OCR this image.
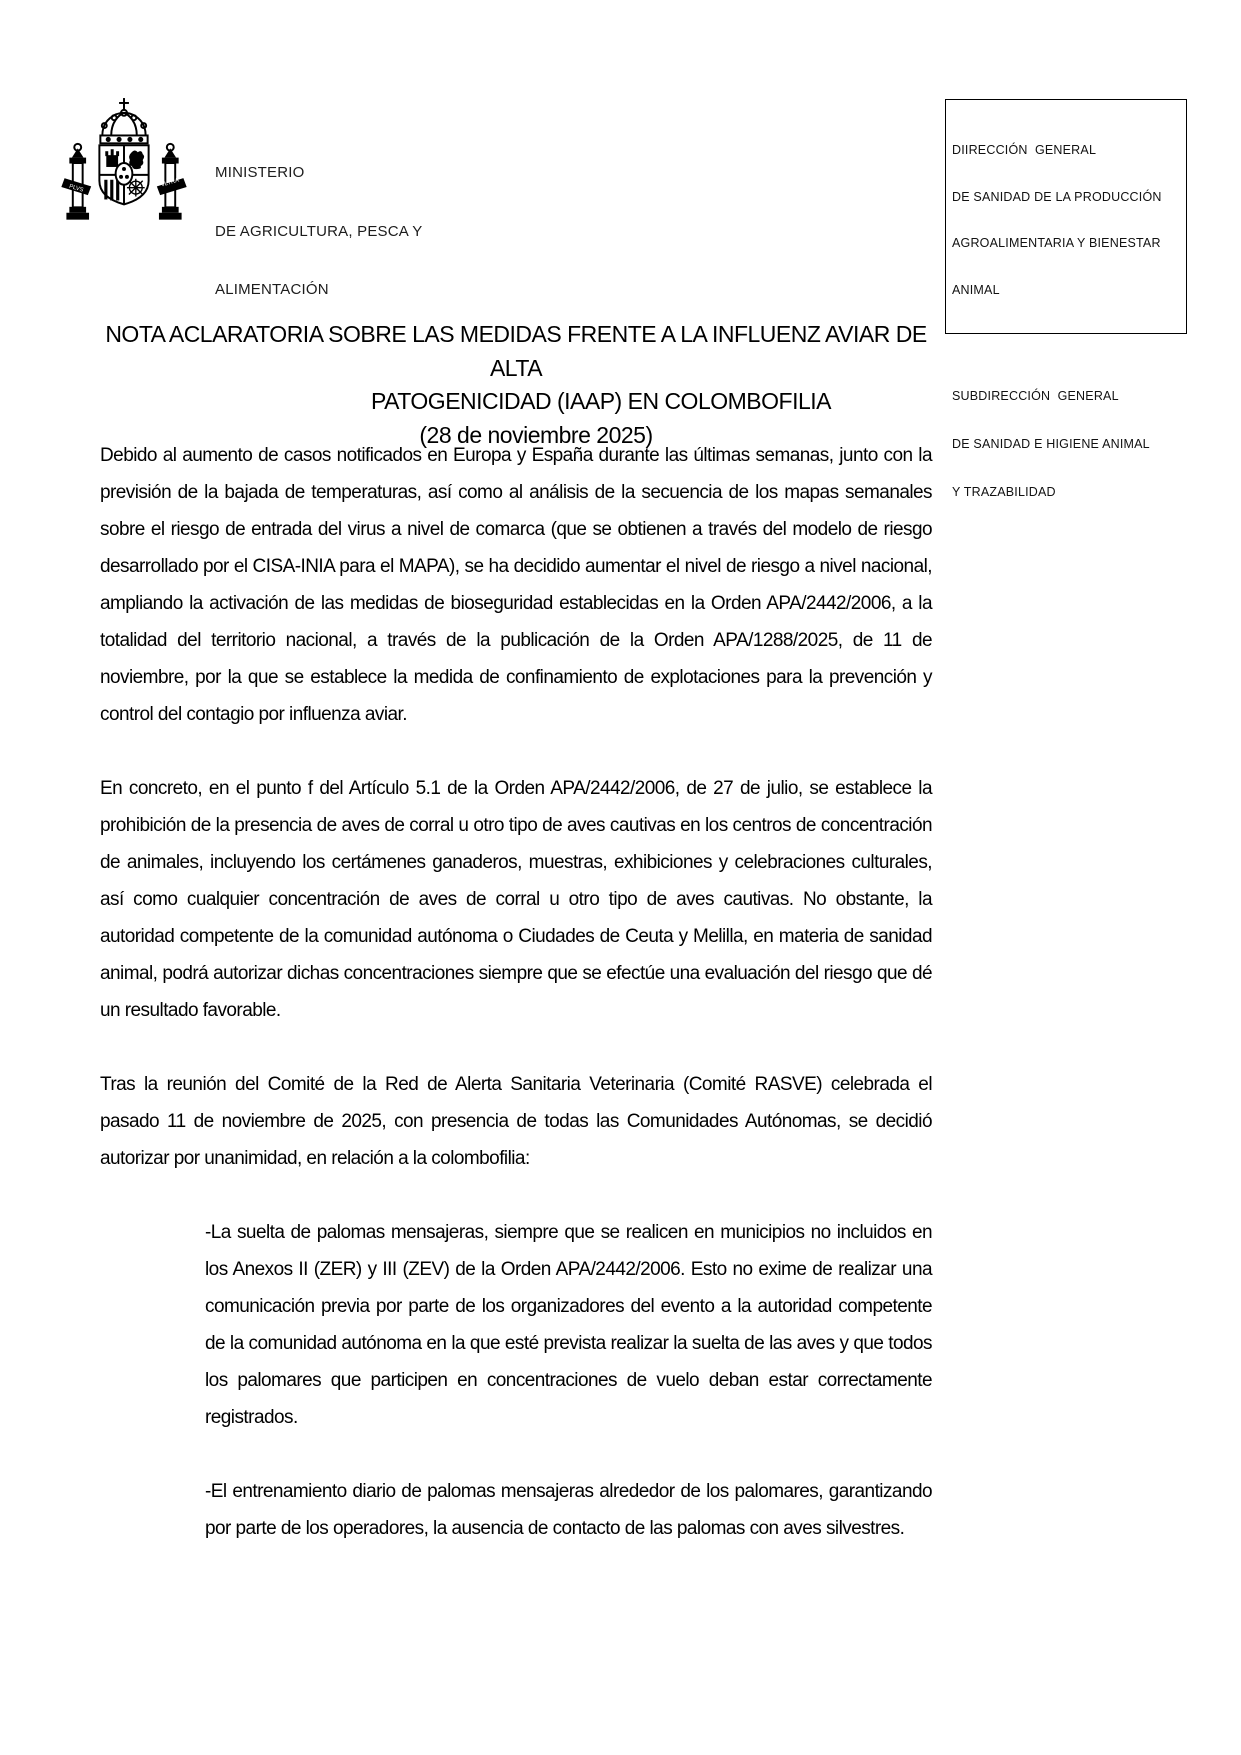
PLVS
VLTRA

MINISTERIO

DE AGRICULTURA, PESCA Y

ALIMENTACIÓN

DIIRECCIÓN  GENERAL

DE SANIDAD DE LA PRODUCCIÓN

AGROALIMENTARIA Y BIENESTAR

ANIMAL

SUBDIRECCIÓN  GENERAL

DE SANIDAD E HIGIENE ANIMAL

Y TRAZABILIDAD

NOTA ACLARATORIA SOBRE LAS MEDIDAS FRENTE A LA INFLUENZ AVIAR DE ALTA
PATOGENICIDAD (IAAP) EN COLOMBOFILIA
(28 de noviembre 2025)

Debido al aumento de casos notificados en Europa y España durante las últimas semanas, junto con la previsión de la bajada de temperaturas, así como al análisis de la secuencia de los mapas semanales sobre el riesgo de entrada del virus a nivel de comarca (que se obtienen a través del modelo de riesgo desarrollado por el CISA-INIA para el MAPA), se ha decidido aumentar el nivel de riesgo a nivel nacional, ampliando la activación de las medidas de bioseguridad establecidas en la Orden APA/2442/2006, a la totalidad del territorio nacional, a través de la publicación de la Orden APA/1288/2025, de 11 de noviembre, por la que se establece la medida de confinamiento de explotaciones para la prevención y control del contagio por influenza aviar.

En concreto, en el punto f del Artículo 5.1 de la Orden APA/2442/2006, de 27 de julio, se establece la prohibición de la presencia de aves de corral u otro tipo de aves cautivas en los centros de concentración de animales, incluyendo los certámenes ganaderos, muestras, exhibiciones y celebraciones culturales, así como cualquier concentración de aves de corral u otro tipo de aves cautivas. No obstante, la autoridad competente de la comunidad autónoma o Ciudades de Ceuta y Melilla, en materia de sanidad animal, podrá autorizar dichas concentraciones siempre que se efectúe una evaluación del riesgo que dé un resultado favorable.

Tras la reunión del Comité de la Red de Alerta Sanitaria Veterinaria (Comité RASVE) celebrada el pasado 11 de noviembre de 2025, con presencia de todas las Comunidades Autónomas, se decidió autorizar por unanimidad, en relación a la colombofilia:

-La suelta de palomas mensajeras, siempre que se realicen en municipios no incluidos en los Anexos II (ZER) y III (ZEV) de la Orden APA/2442/2006. Esto no exime de realizar una comunicación previa por parte de los organizadores del evento a la autoridad competente de la comunidad autónoma en la que esté prevista realizar la suelta de las aves y que todos los palomares que participen en concentraciones de vuelo deban estar correctamente registrados.

-El entrenamiento diario de palomas mensajeras alrededor de los palomares, garantizando por parte de los operadores, la ausencia de contacto de las palomas con aves silvestres.
